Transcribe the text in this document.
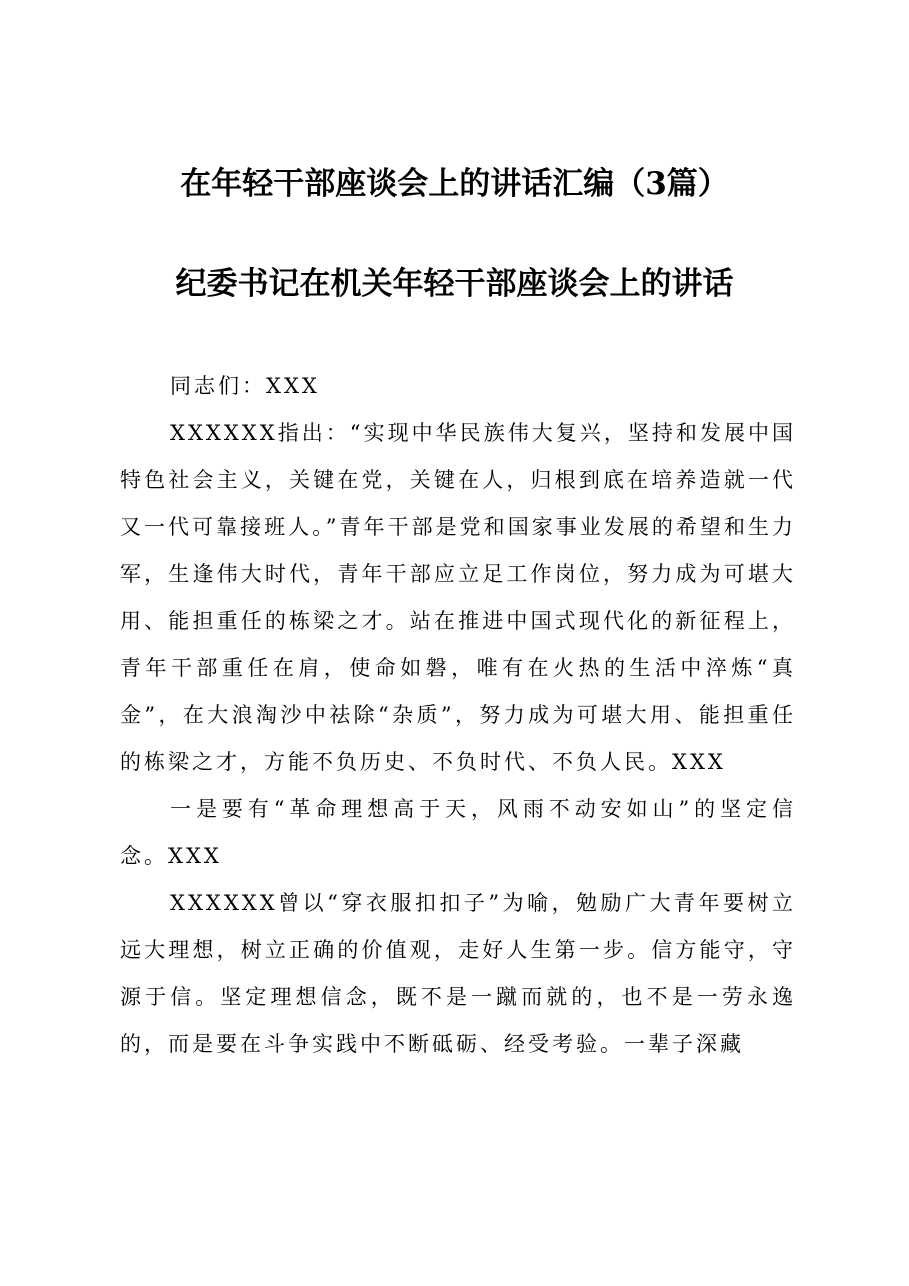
在年轻干部座谈会上的讲话汇编（3篇）
纪委书记在机关年轻干部座谈会上的讲话

同志们：XXX

XXXXXX指出：“实现中华民族伟大复兴，坚持和发展中国特色社会主义，关键在党，关键在人，归根到底在培养造就一代又一代可靠接班人。”青年干部是党和国家事业发展的希望和生力军，生逢伟大时代，青年干部应立足工作岗位，努力成为可堪大用、能担重任的栋梁之才。站在推进中国式现代化的新征程上，青年干部重任在肩，使命如磐，唯有在火热的生活中淬炼“真金”，在大浪淘沙中祛除“杂质”，努力成为可堪大用、能担重任的栋梁之才，方能不负历史、不负时代、不负人民。XXX

一是要有“革命理想高于天，风雨不动安如山”的坚定信念。XXX

XXXXXX曾以“穿衣服扣扣子”为喻，勉励广大青年要树立远大理想，树立正确的价值观，走好人生第一步。信方能守，守源于信。坚定理想信念，既不是一蹴而就的，也不是一劳永逸的，而是要在斗争实践中不断砥砺、经受考验。一辈子深藏
